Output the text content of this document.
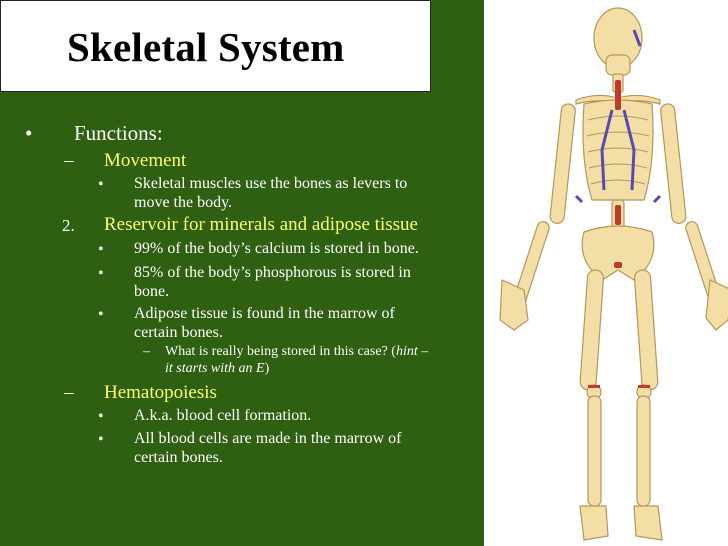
Skeletal System
• Functions:
– Movement
• Skeletal muscles use the bones as levers to
move the body.
2. Reservoir for minerals and adipose tissue
• 99% of the body’s calcium is stored in bone.
• 85% of the body’s phosphorous is stored in
bone.
• Adipose tissue is found in the marrow of
certain bones.
– What is really being stored in this case? (hint –
it starts with an E)
– Hematopoiesis
• A.k.a. blood cell formation.
• All blood cells are made in the marrow of
certain bones.
